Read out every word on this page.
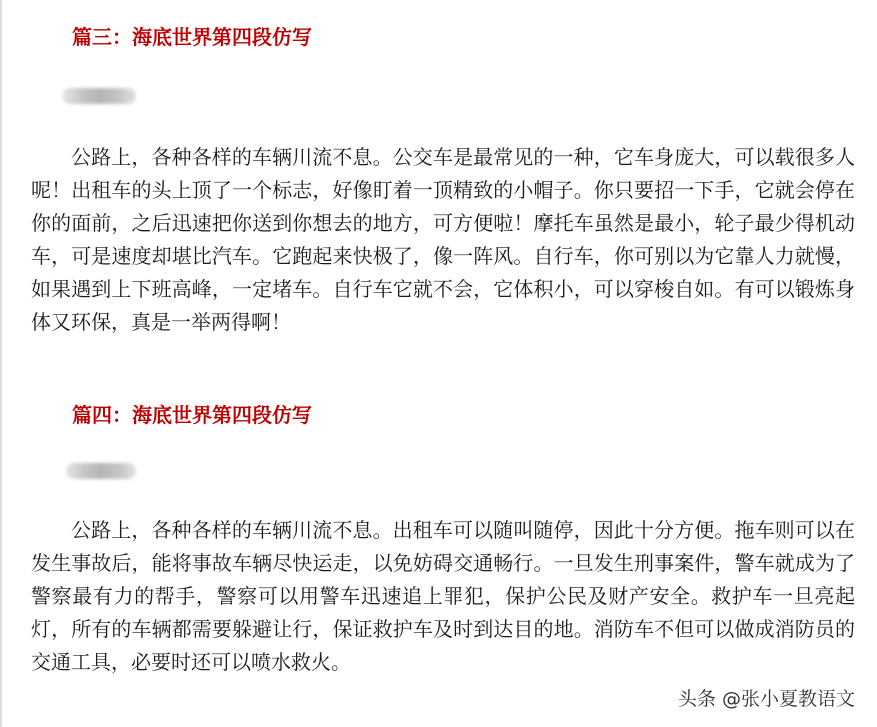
篇三：海底世界第四段仿写

公路上，各种各样的车辆川流不息。公交车是最常见的一种，它车身庞大，可以载很多人呢！出租车的头上顶了一个标志，好像盯着一顶精致的小帽子。你只要招一下手，它就会停在你的面前，之后迅速把你送到你想去的地方，可方便啦！摩托车虽然是最小，轮子最少得机动车，可是速度却堪比汽车。它跑起来快极了，像一阵风。自行车，你可别以为它靠人力就慢，如果遇到上下班高峰，一定堵车。自行车它就不会，它体积小，可以穿梭自如。有可以锻炼身体又环保，真是一举两得啊！

篇四：海底世界第四段仿写

公路上，各种各样的车辆川流不息。出租车可以随叫随停，因此十分方便。拖车则可以在发生事故后，能将事故车辆尽快运走，以免妨碍交通畅行。一旦发生刑事案件，警车就成为了警察最有力的帮手，警察可以用警车迅速追上罪犯，保护公民及财产安全。救护车一旦亮起灯，所有的车辆都需要躲避让行，保证救护车及时到达目的地。消防车不但可以做成消防员的交通工具，必要时还可以喷水救火。

头条 @张小夏教语文
